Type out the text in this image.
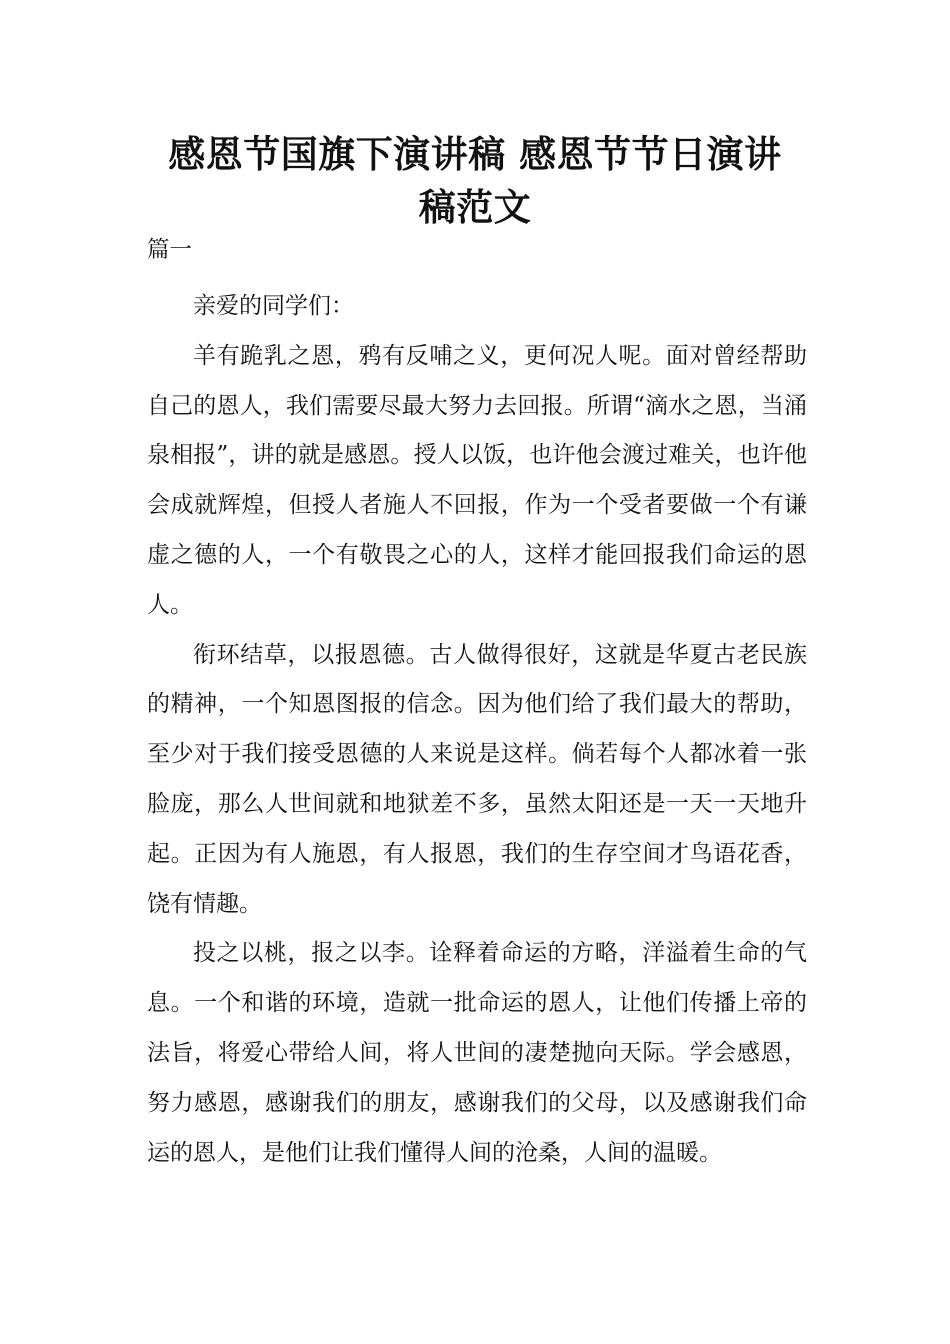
感恩节国旗下演讲稿 感恩节节日演讲稿范文
篇一

亲爱的同学们：

羊有跪乳之恩，鸦有反哺之义，更何况人呢。面对曾经帮助自己的恩人，我们需要尽最大努力去回报。所谓“滴水之恩，当涌泉相报”，讲的就是感恩。授人以饭，也许他会渡过难关，也许他会成就辉煌，但授人者施人不回报，作为一个受者要做一个有谦虚之德的人，一个有敬畏之心的人，这样才能回报我们命运的恩人。

衔环结草，以报恩德。古人做得很好，这就是华夏古老民族的精神，一个知恩图报的信念。因为他们给了我们最大的帮助，至少对于我们接受恩德的人来说是这样。倘若每个人都冰着一张脸庞，那么人世间就和地狱差不多，虽然太阳还是一天一天地升起。正因为有人施恩，有人报恩，我们的生存空间才鸟语花香，饶有情趣。

投之以桃，报之以李。诠释着命运的方略，洋溢着生命的气息。一个和谐的环境，造就一批命运的恩人，让他们传播上帝的法旨，将爱心带给人间，将人世间的凄楚抛向天际。学会感恩，努力感恩，感谢我们的朋友，感谢我们的父母，以及感谢我们命运的恩人，是他们让我们懂得人间的沧桑，人间的温暖。
